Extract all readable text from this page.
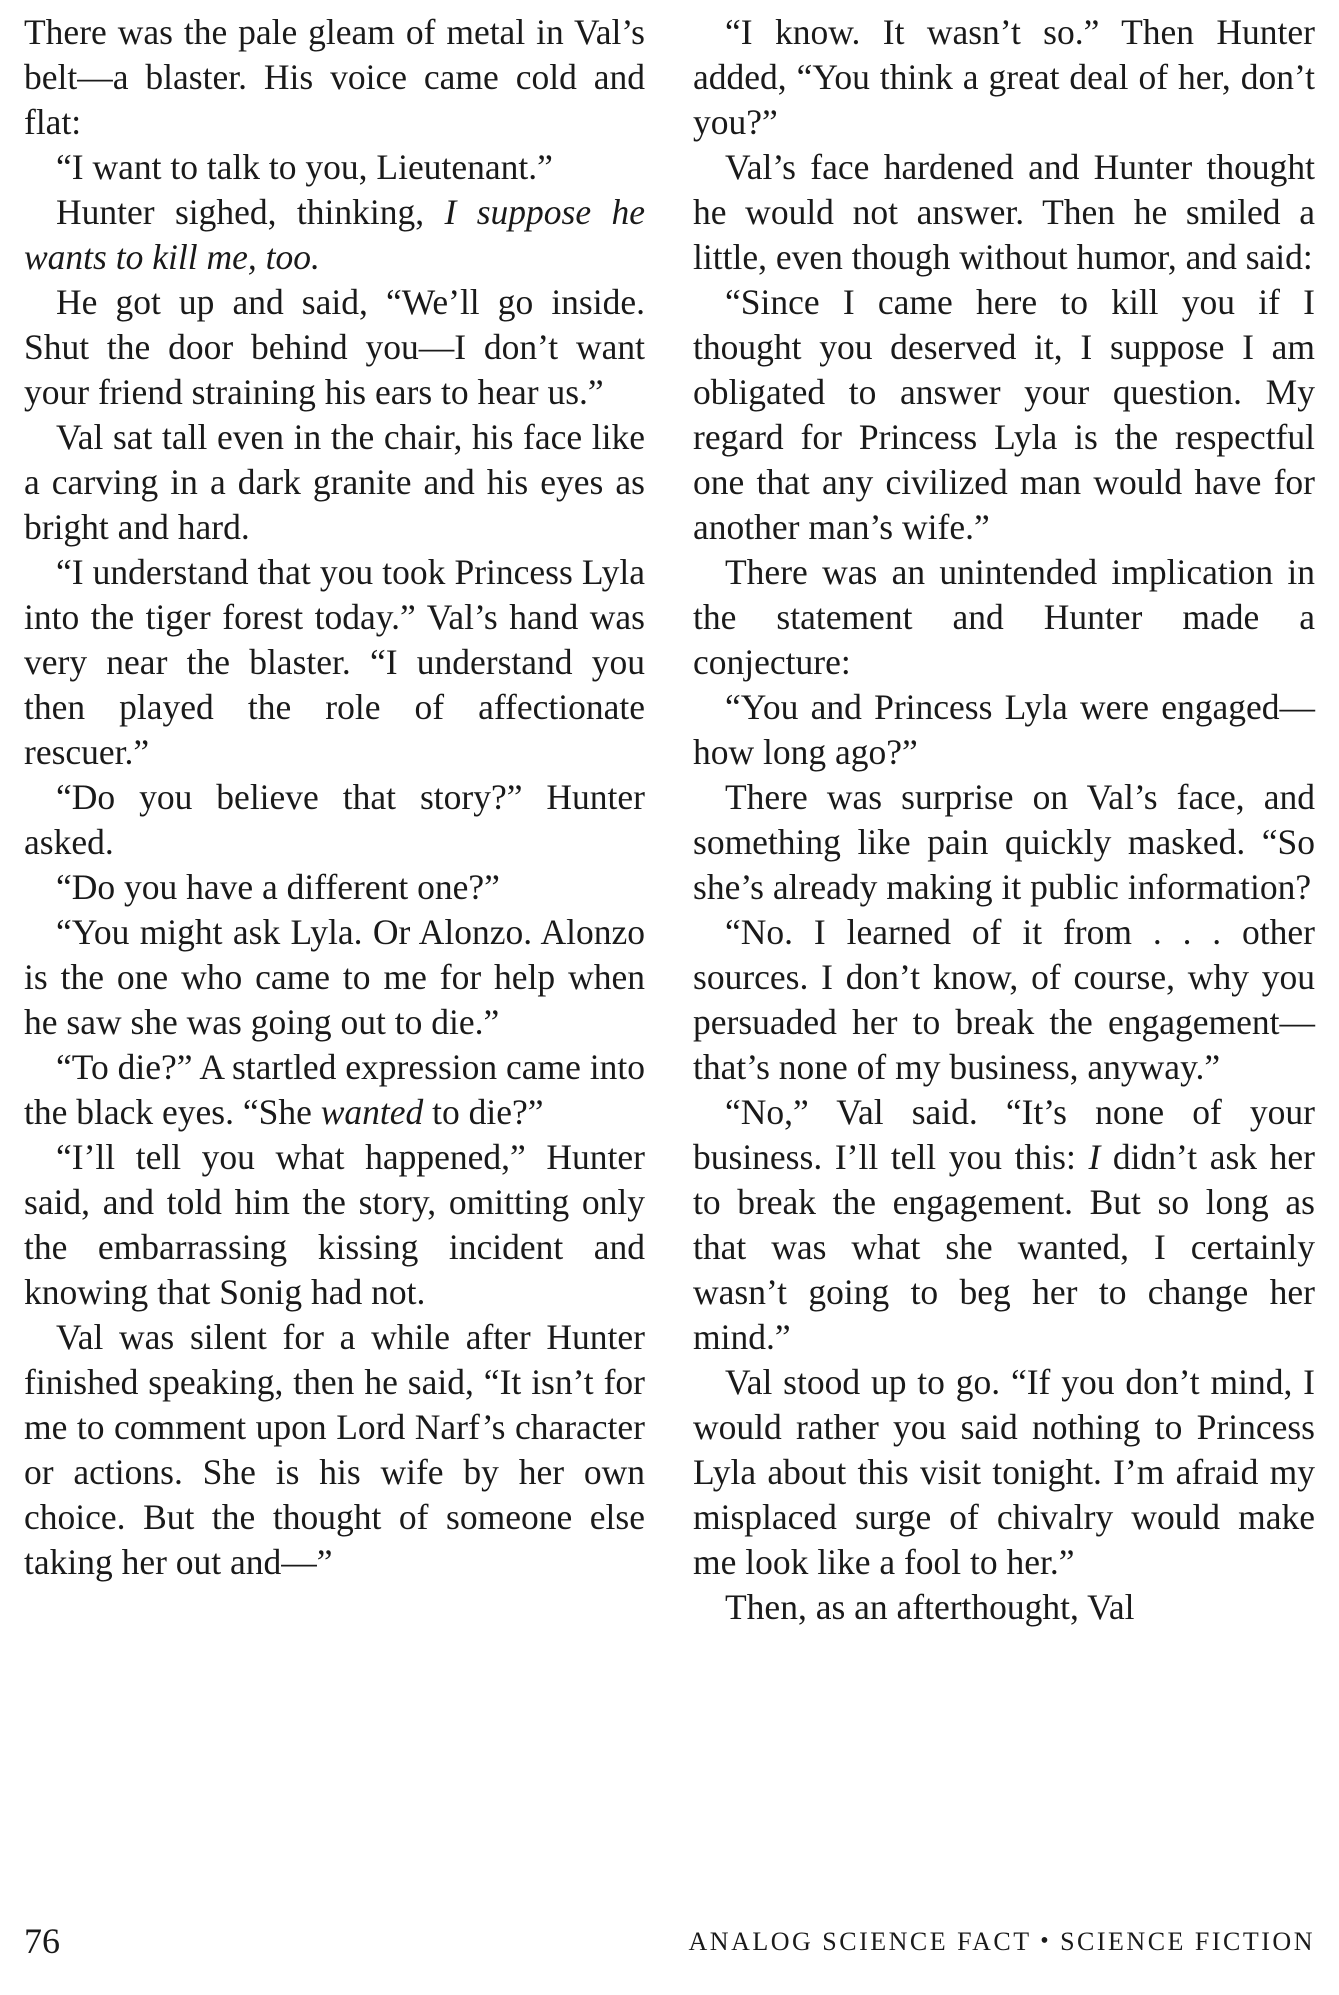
There was the pale gleam of metal in Val’s belt—a blaster. His voice came cold and flat:

“I want to talk to you, Lieutenant.”

Hunter sighed, thinking, I suppose he wants to kill me, too.

He got up and said, “We’ll go inside. Shut the door behind you—I don’t want your friend straining his ears to hear us.”

Val sat tall even in the chair, his face like a carving in a dark granite and his eyes as bright and hard.

“I understand that you took Princess Lyla into the tiger forest today.” Val’s hand was very near the blaster. “I understand you then played the role of affectionate rescuer.”

“Do you believe that story?” Hunter asked.

“Do you have a different one?”

“You might ask Lyla. Or Alonzo. Alonzo is the one who came to me for help when he saw she was going out to die.”

“To die?” A startled expression came into the black eyes. “She wanted to die?”

“I’ll tell you what happened,” Hunter said, and told him the story, omitting only the embarrassing kissing incident and knowing that Sonig had not.

Val was silent for a while after Hunter finished speaking, then he said, “It isn’t for me to comment upon Lord Narf’s character or actions. She is his wife by her own choice. But the thought of someone else taking her out and—”

“I know. It wasn’t so.” Then Hunter added, “You think a great deal of her, don’t you?”

Val’s face hardened and Hunter thought he would not answer. Then he smiled a little, even though without humor, and said:

“Since I came here to kill you if I thought you deserved it, I suppose I am obligated to answer your question. My regard for Princess Lyla is the respectful one that any civilized man would have for another man’s wife.”

There was an unintended implication in the statement and Hunter made a conjecture:

“You and Princess Lyla were engaged—how long ago?”

There was surprise on Val’s face, and something like pain quickly masked. “So she’s already making it public information?

“No. I learned of it from . . . other sources. I don’t know, of course, why you persuaded her to break the engagement—that’s none of my business, anyway.”

“No,” Val said. “It’s none of your business. I’ll tell you this: I didn’t ask her to break the engagement. But so long as that was what she wanted, I certainly wasn’t going to beg her to change her mind.”

Val stood up to go. “If you don’t mind, I would rather you said nothing to Princess Lyla about this visit tonight. I’m afraid my misplaced surge of chivalry would make me look like a fool to her.”

Then, as an afterthought, Val

76	ANALOG SCIENCE FACT • SCIENCE FICTION
